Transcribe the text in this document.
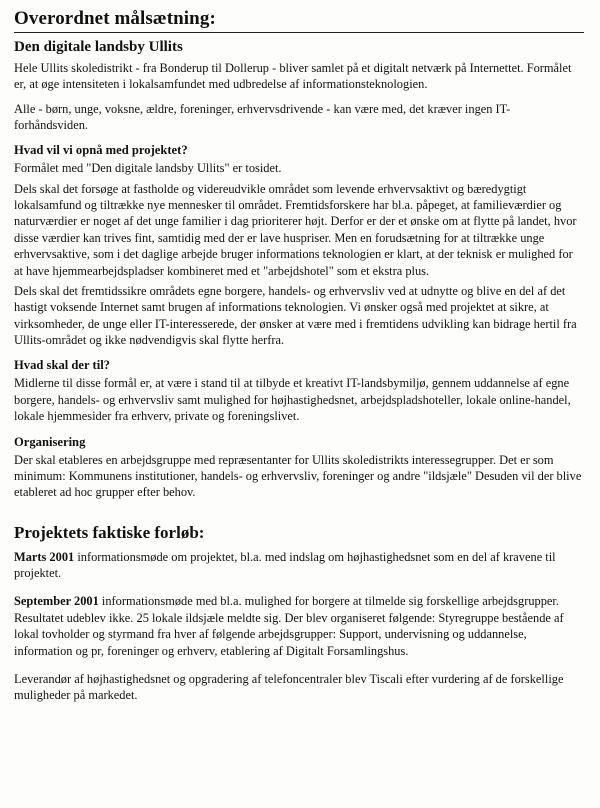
Overordnet målsætning:
Den digitale landsby Ullits

Hele Ullits skoledistrikt - fra Bonderup til Dollerup - bliver samlet på et digitalt netværk på Internettet. Formålet er, at øge intensiteten i lokalsamfundet med udbredelse af informationsteknologien.

Alle - børn, unge, voksne, ældre, foreninger, erhvervsdrivende - kan være med, det kræver ingen IT-forhåndsviden.

Hvad vil vi opnå med projektet?

Formålet med "Den digitale landsby Ullits" er tosidet.

Dels skal det forsøge at fastholde og videreudvikle området som levende erhvervsaktivt og bæredygtigt lokalsamfund og tiltrække nye mennesker til området. Fremtidsforskere har bl.a. påpeget, at familieværdier og naturværdier er noget af det unge familier i dag prioriterer højt. Derfor er der et ønske om at flytte på landet, hvor disse værdier kan trives fint, samtidig med der er lave huspriser. Men en forudsætning for at tiltrække unge erhvervsaktive, som i det daglige arbejde bruger informations teknologien er klart, at der teknisk er mulighed for at have hjemmearbejdspladser kombineret med et "arbejdshotel" som et ekstra plus.

Dels skal det fremtidssikre områdets egne borgere, handels- og erhvervsliv ved at udnytte og blive en del af det hastigt voksende Internet samt brugen af informations teknologien. Vi ønsker også med projektet at sikre, at virksomheder, de unge eller IT-interesserede, der ønsker at være med i fremtidens udvikling kan bidrage hertil fra Ullits-området og ikke nødvendigvis skal flytte herfra.

Hvad skal der til?

Midlerne til disse formål er, at være i stand til at tilbyde et kreativt IT-landsbymiljø, gennem uddannelse af egne borgere, handels- og erhvervsliv samt mulighed for højhastighedsnet, arbejdspladshoteller, lokale online-handel, lokale hjemmesider fra erhverv, private og foreningslivet.

Organisering

Der skal etableres en arbejdsgruppe med repræsentanter for Ullits skoledistrikts interessegrupper. Det er som minimum: Kommunens institutioner, handels- og erhvervsliv, foreninger og andre "ildsjæle" Desuden vil der blive etableret ad hoc grupper efter behov.

Projektets faktiske forløb:

Marts 2001 informationsmøde om projektet, bl.a. med indslag om højhastighedsnet som en del af kravene til projektet.

September 2001 informationsmøde med bl.a. mulighed for borgere at tilmelde sig forskellige arbejdsgrupper. Resultatet udeblev ikke. 25 lokale ildsjæle meldte sig. Der blev organiseret følgende: Styregruppe bestående af lokal tovholder og styrmand fra hver af følgende arbejdsgrupper: Support, undervisning og uddannelse, information og pr, foreninger og erhverv, etablering af Digitalt Forsamlingshus.

Leverandør af højhastighedsnet og opgradering af telefoncentraler blev Tiscali efter vurdering af de forskellige muligheder på markedet.
